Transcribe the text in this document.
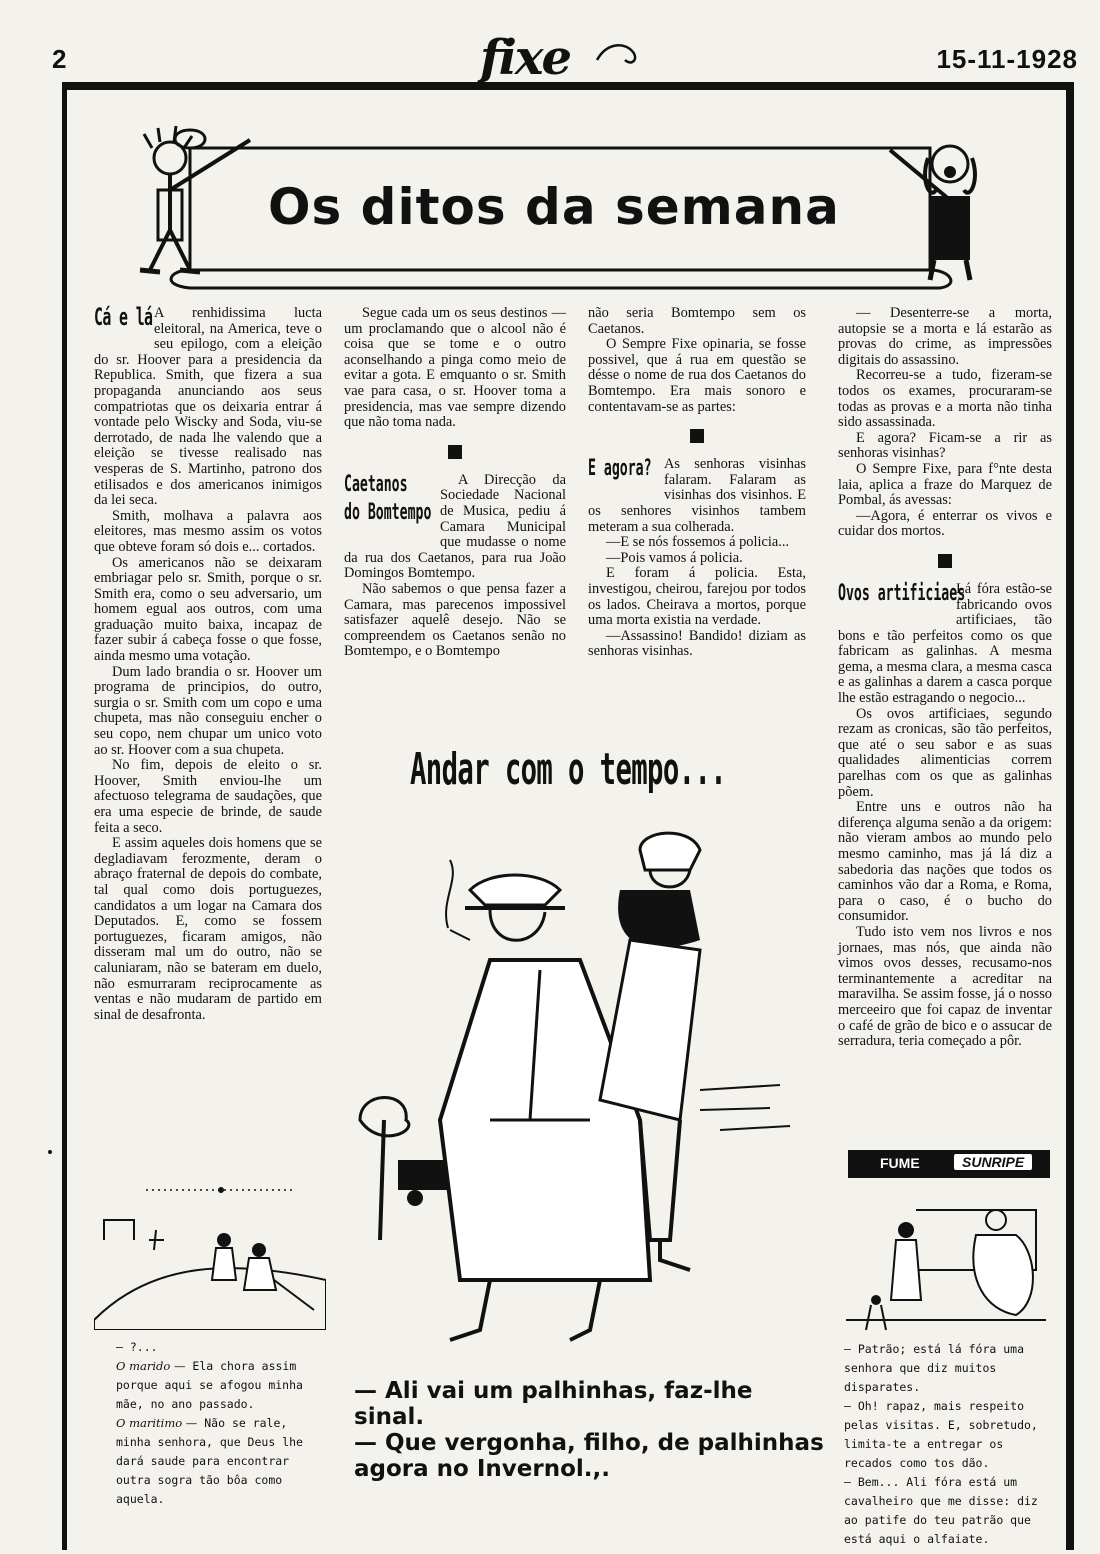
2	fixe	15-11-1928
Os ditos da semana
Cá e lá A renhidissima lucta eleitoral, na America, teve o seu epilogo, com a eleição do sr. Hoover para a presidencia da Republica. Smith, que fizera a sua propaganda anunciando aos seus compatriotas que os deixaria entrar á vontade pelo Wiscky and Soda, viu-se derrotado, de nada lhe valendo que a eleição se tivesse realisado nas vesperas de S. Martinho, patrono dos etilisados e dos americanos inimigos da lei seca.

Smith, molhava a palavra aos eleitores, mas mesmo assim os votos que obteve foram só dois e... cortados.

Os americanos não se deixaram embriagar pelo sr. Smith, porque o sr. Smith era, como o seu adversario, um homem egual aos outros, com uma graduação muito baixa, incapaz de fazer subir á cabeça fosse o que fosse, ainda mesmo uma votação.

Dum lado brandia o sr. Hoover um programa de principios, do outro, surgia o sr. Smith com um copo e uma chupeta, mas não conseguiu encher o seu copo, nem chupar um unico voto ao sr. Hoover com a sua chupeta.

No fim, depois de eleito o sr. Hoover, Smith enviou-lhe um afectuoso telegrama de saudações, que era uma especie de brinde, de saude feita a seco.

E assim aqueles dois homens que se degladiavam ferozmente, deram o abraço fraternal de depois do combate, tal qual como dois portuguezes, candidatos a um logar na Camara dos Deputados. E, como se fossem portuguezes, ficaram amigos, não disseram mal um do outro, não se caluniaram, não se bateram em duelo, não esmurraram reciprocamente as ventas e não mudaram de partido em sinal de desafronta.

Segue cada um os seus destinos — um proclamando que o alcool não é coisa que se tome e o outro aconselhando a pinga como meio de evitar a gota. E emquanto o sr. Smith vae para casa, o sr. Hoover toma a presidencia, mas vae sempre dizendo que não toma nada.

Caetanos
do Bomtempo

A Direcção da Sociedade Nacional de Musica, pediu á Camara Municipal que mudasse o nome da rua dos Caetanos, para rua João Domingos Bomtempo.

Não sabemos o que pensa fazer a Camara, mas parecenos impossivel satisfazer aquelê desejo. Não se compreendem os Caetanos senão no Bomtempo, e o Bomtempo

não seria Bomtempo sem os Caetanos.

O Sempre Fixe opinaria, se fosse possivel, que á rua em questão se désse o nome de rua dos Caetanos do Bomtempo. Era mais sonoro e contentavam-se as partes:

E agora? As senhoras visinhas falaram. Falaram as visinhas dos visinhos. E os senhores visinhos tambem meteram a sua colherada.

—E se nós fossemos á policia...

—Pois vamos á policia.

E foram á policia. Esta, investigou, cheirou, farejou por todos os lados. Cheirava a mortos, porque uma morta existia na verdade.

—Assassino! Bandido! diziam as senhoras visinhas.

— Desenterre-se a morta, autopsie se a morta e lá estarão as provas do crime, as impressões digitais do assassino.

Recorreu-se a tudo, fizeram-se todos os exames, procuraram-se todas as provas e a morta não tinha sido assassinada.

E agora? Ficam-se a rir as senhoras visinhas?

O Sempre Fixe, para f°nte desta laia, aplica a fraze do Marquez de Pombal, ás avessas:

—Agora, é enterrar os vivos e cuidar dos mortos.

Ovos artificiaes

Lá fóra estão-se fabricando ovos artificiaes, tão bons e tão perfeitos como os que fabricam as galinhas. A mesma gema, a mesma clara, a mesma casca e as galinhas a darem a casca porque lhe estão estragando o negocio...

Os ovos artificiaes, segundo rezam as cronicas, são tão perfeitos, que até o seu sabor e as suas qualidades alimenticias correm parelhas com os que as galinhas põem.

Entre uns e outros não ha diferença alguma senão a da origem: não vieram ambos ao mundo pelo mesmo caminho, mas já lá diz a sabedoria das nações que todos os caminhos vão dar a Roma, e Roma, para o caso, é o bucho do consumidor.

Tudo isto vem nos livros e nos jornaes, mas nós, que ainda não vimos ovos desses, recusamo-nos terminantemente a acreditar na maravilha. Se assim fosse, já o nosso merceeiro que foi capaz de inventar o café de grão de bico e o assucar de serradura, teria começado a pôr.

Andar com o tempo...
— Ali vai um palhinhas, faz-lhe sinal.
— Que vergonha, filho, de palhinhas agora no Invernol.,.
— ?...
O marido — Ela chora assim porque aqui se afogou minha mãe, no ano passado.
O maritimo — Não se rale, minha senhora, que Deus lhe dará saude para encontrar outra sogra tão bôa como aquela.
FUME	SUNRIPE
— Patrão; está lá fóra uma senhora que diz muitos disparates.
— Oh! rapaz, mais respeito pelas visitas. E, sobretudo, limita-te a entregar os recados como tos dão.
— Bem... Ali fóra está um cavalheiro que me disse: diz ao patife do teu patrão que está aqui o alfaiate.
